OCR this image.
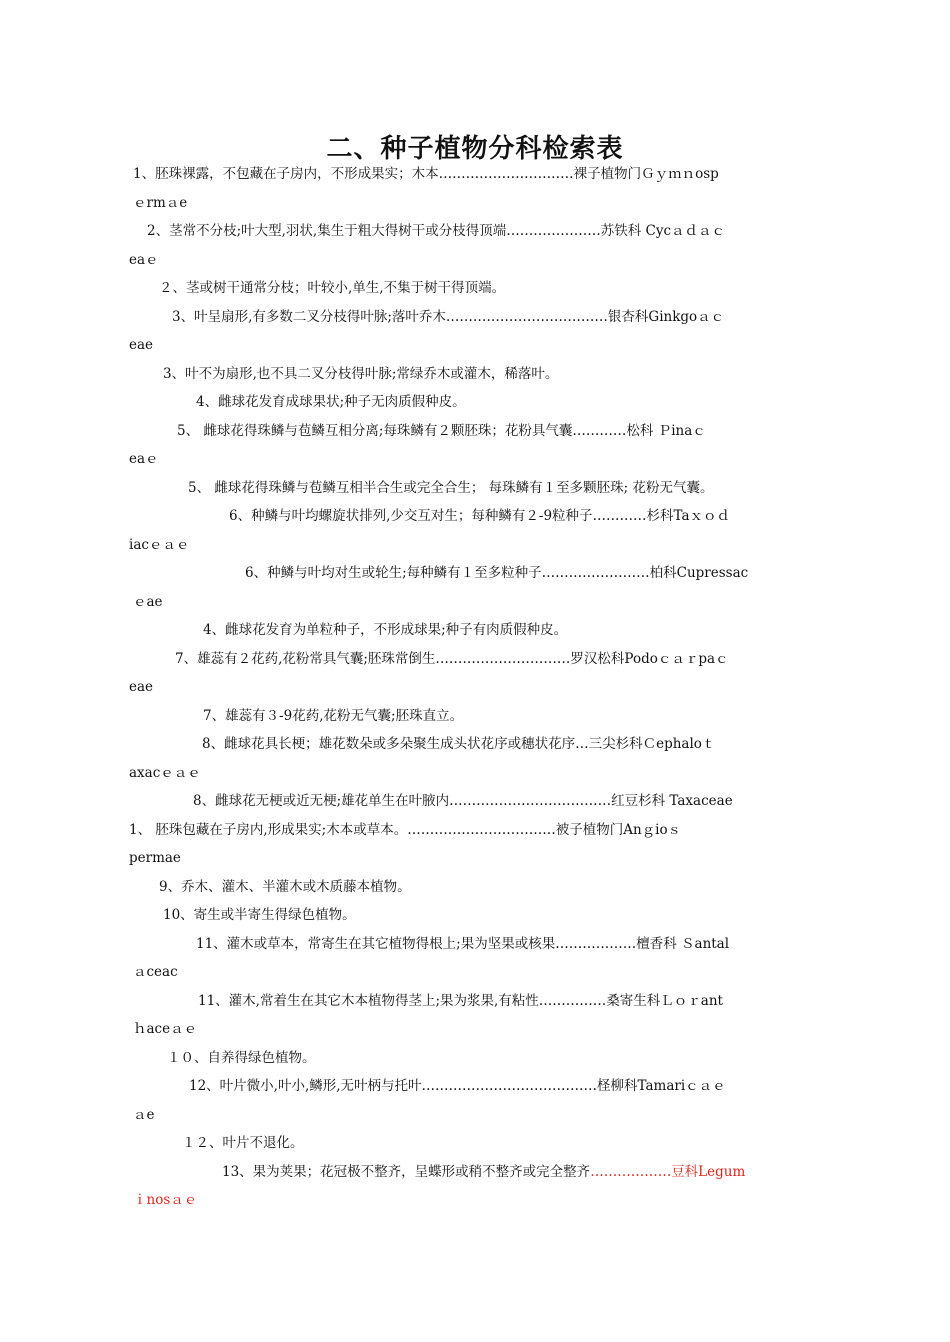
二、种子植物分科检索表
1、胚珠裸露，不包藏在子房内，不形成果实；木本…………………………裸子植物门Ｇｙｍｎosp
ｅrmａe
2、茎常不分枝;叶大型,羽状,集生于粗大得树干或分枝得顶端…………………苏铁科 Cycａｄａｃ
eaｅ
２、茎或树干通常分枝；叶较小,单生,不集于树干得顶端。
3、叶呈扇形,有多数二叉分枝得叶脉;落叶乔木………………………………银杏科Ginkgoａｃ
eae
3、叶不为扇形,也不具二叉分枝得叶脉;常绿乔木或灌木，稀落叶。
4、雌球花发育成球果状;种子无肉质假种皮。
5、 雌球花得珠鳞与苞鳞互相分离;每珠鳞有２颗胚珠；花粉具气囊…………松科 Ｐinaｃ
eaｅ
5、 雌球花得珠鳞与苞鳞互相半合生或完全合生； 每珠鳞有１至多颗胚珠; 花粉无气囊。
6、种鳞与叶均螺旋状排列,少交互对生；每种鳞有２-9粒种子…………杉科Taｘｏｄ
iacｅａｅ
6、种鳞与叶均对生或轮生;每种鳞有１至多粒种子……………………柏科Cupressac
ｅae
4、雌球花发育为单粒种子，不形成球果;种子有肉质假种皮。
7、雄蕊有２花药,花粉常具气囊;胚珠常倒生…………………………罗汉松科Podoｃａｒpaｃ
eae
7、雄蕊有３-9花药,花粉无气囊;胚珠直立。
8、雌球花具长梗；雄花数朵或多朵聚生成头状花序或穗状花序…三尖杉科Ｃephaloｔ
axacｅａｅ
8、雌球花无梗或近无梗;雄花单生在叶腋内………………………………红豆杉科 Taxaceae
1、 胚珠包藏在子房内,形成果实;木本或草本。……………………………被子植物门Anｇioｓ
permae
9、乔木、灌木、半灌木或木质藤本植物。
10、寄生或半寄生得绿色植物。
11、灌木或草本，常寄生在其它植物得根上;果为坚果或核果………………檀香科 Ｓantal
ａceac
11、灌木,常着生在其它木本植物得茎上;果为浆果,有粘性……………桑寄生科Ｌｏｒant
ｈaceａｅ
１０、自养得绿色植物。
12、叶片微小,叶小,鳞形,无叶柄与托叶…………………………………柽柳科Tamariｃａｅ
ａe
１２、叶片不退化。
13、果为荚果；花冠极不整齐，呈蝶形或稍不整齐或完全整齐………………豆科Legum
ｉnosａｅ
